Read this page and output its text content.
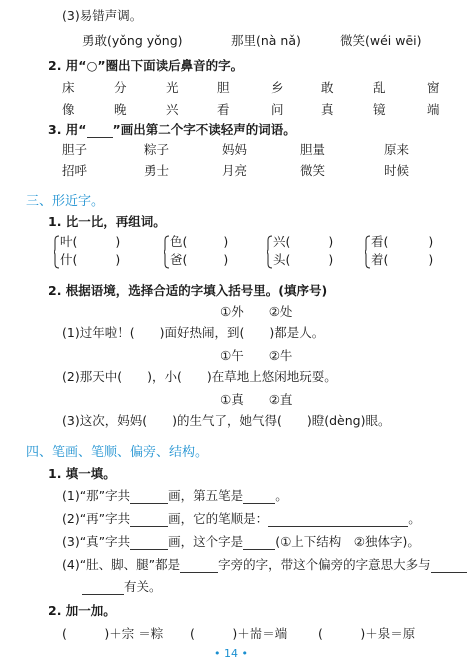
(3)易错声调。
勇敢(yǒng yǒng)	那里(nà nǎ)	微笑(wéi wēi)
2. 用“○”圈出下面读后鼻音的字。
床	分	光	胆	乡	敢	乱	窗
像	晚	兴	看	问	真	镜	端
3. 用“ ”画出第二个字不读轻声的词语。
胆子	粽子	妈妈	胆量	原来
招呼	勇士	月亮	微笑	时候
三、形近字。
1. 比一比，再组词。
叶(	)
什(	)
色(	)
爸(	)
兴(	)
头(	)
看(	)
着(	)
2. 根据语境，选择合适的字填入括号里。(填序号)
①外　　②处
(1)过年啦！(　　)面好热闹，到(　　)都是人。
①午　　②牛
(2)那天中(　　)，小(　　)在草地上悠闲地玩耍。
①真　　②直
(3)这次，妈妈(　　)的生气了，她气得(　　)瞪(dèng)眼。
四、笔画、笔顺、偏旁、结构。
1. 填一填。
(1)“那”字共	画，第五笔是	。
(2)“再”字共	画，它的笔顺是：	。
(3)“真”字共	画，这个字是	(①上下结构　②独体字)。
(4)“肚、脚、腿”都是	字旁的字，带这个偏旁的字意思大多与
有关。
2. 加一加。
(　　　)＋宗 ＝粽 (　　　)＋耑＝端 (　　　)＋泉＝原
• 14 •
